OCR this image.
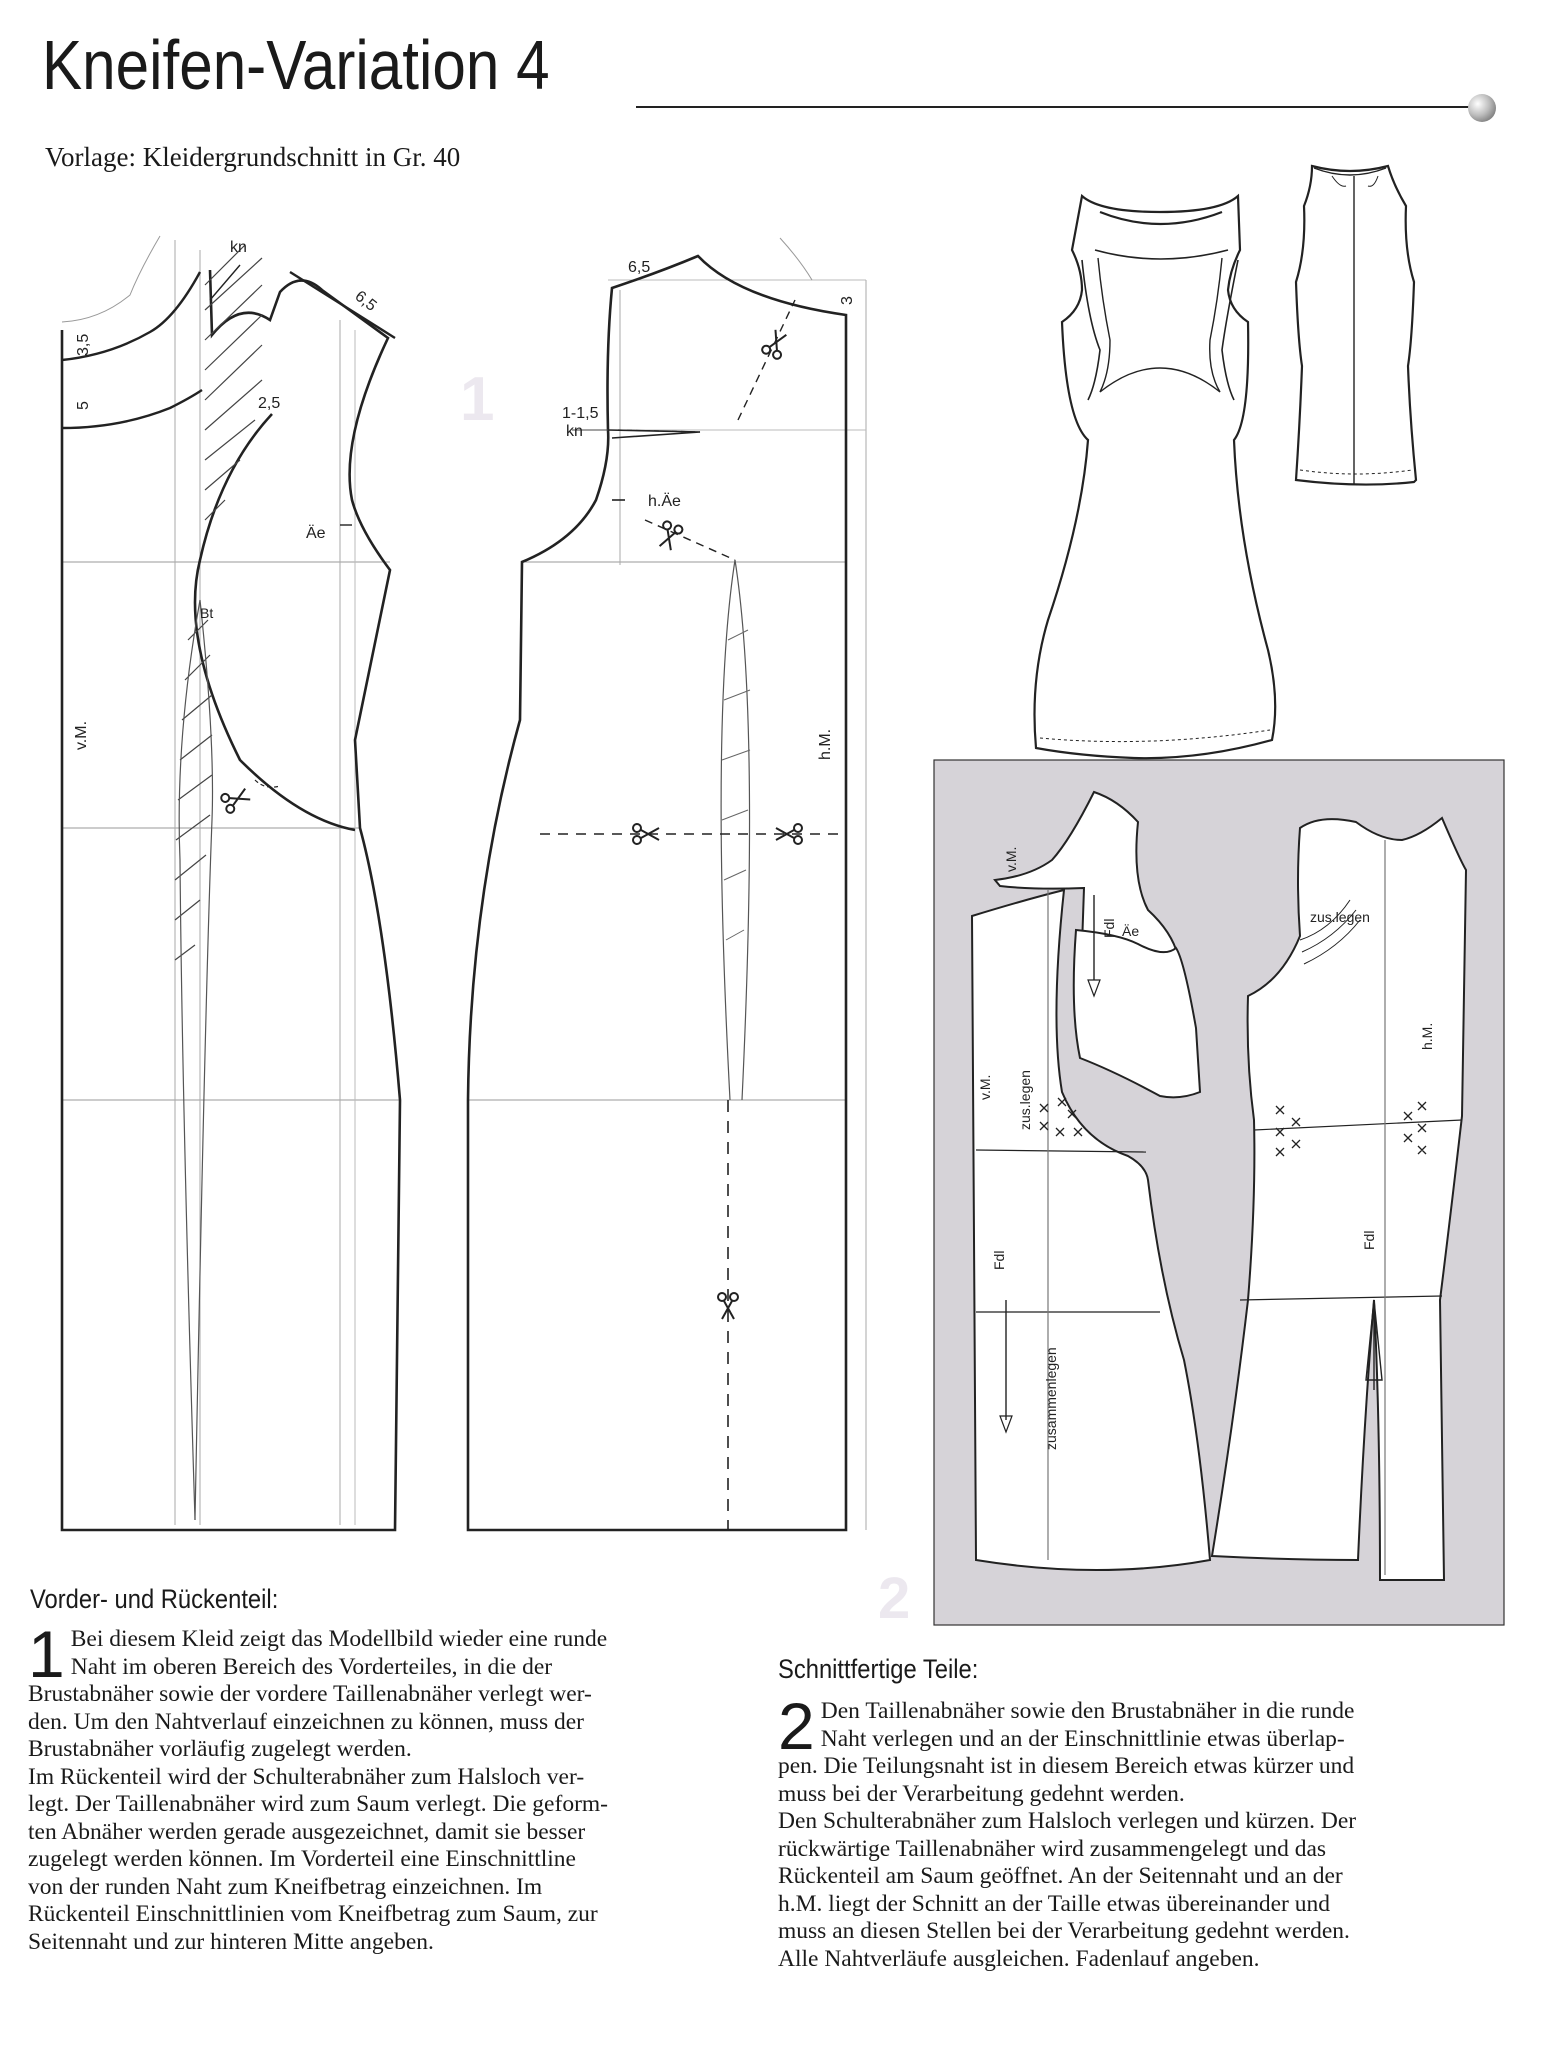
Kneifen-Variation 4
Vorlage: Kleidergrundschnitt in Gr. 40
1
kn
3,5
5
6,5
2,5
Äe
Bt
v.M.
6,5
3
1-1,5
kn
h.Äe
h.M.
2
v.M.
Fdl Äe
zus.legen
h.M.
v.M. zus.legen
Fdl
zusammenlegen
Fdl
Vorder- und Rückenteil:
1 Bei diesem Kleid zeigt das Modellbild wieder eine runde
Naht im oberen Bereich des Vorderteiles, in die der
Brustabnäher sowie der vordere Taillenabnäher verlegt wer-
den. Um den Nahtverlauf einzeichnen zu können, muss der
Brustabnäher vorläufig zugelegt werden.
Im Rückenteil wird der Schulterabnäher zum Halsloch ver-
legt. Der Taillenabnäher wird zum Saum verlegt. Die geform-
ten Abnäher werden gerade ausgezeichnet, damit sie besser
zugelegt werden können. Im Vorderteil eine Einschnittline
von der runden Naht zum Kneifbetrag einzeichnen. Im
Rückenteil Einschnittlinien vom Kneifbetrag zum Saum, zur
Seitennaht und zur hinteren Mitte angeben.
Schnittfertige Teile:
2 Den Taillenabnäher sowie den Brustabnäher in die runde
Naht verlegen und an der Einschnittlinie etwas überlap-
pen. Die Teilungsnaht ist in diesem Bereich etwas kürzer und
muss bei der Verarbeitung gedehnt werden.
Den Schulterabnäher zum Halsloch verlegen und kürzen. Der
rückwärtige Taillenabnäher wird zusammengelegt und das
Rückenteil am Saum geöffnet. An der Seitennaht und an der
h.M. liegt der Schnitt an der Taille etwas übereinander und
muss an diesen Stellen bei der Verarbeitung gedehnt werden.
Alle Nahtverläufe ausgleichen. Fadenlauf angeben.
